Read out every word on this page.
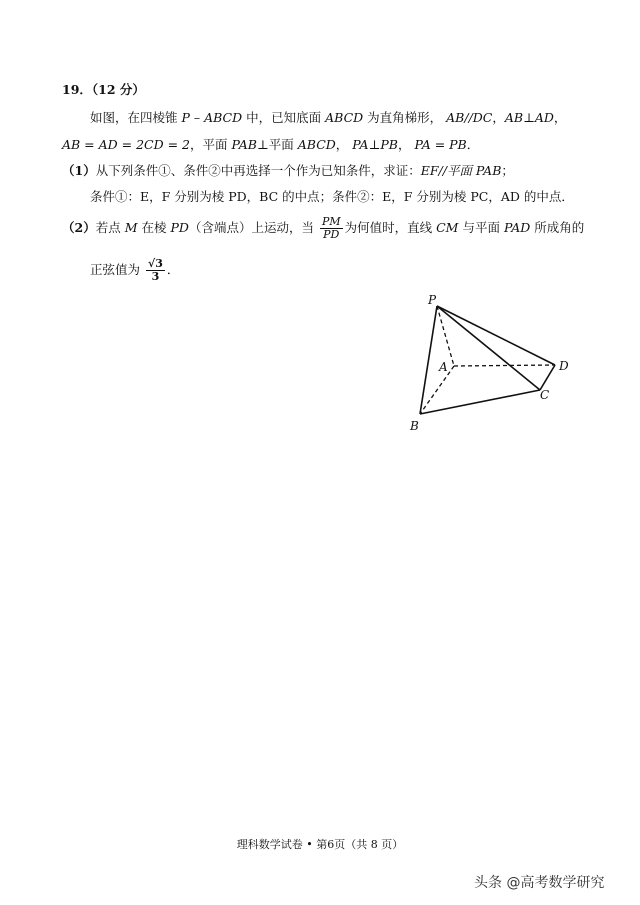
19．（12 分）
如图，在四棱锥 P – ABCD 中，已知底面 ABCD 为直角梯形， AB//DC，AB⊥AD，
AB = AD = 2CD = 2，平面 PAB⊥平面 ABCD， PA⊥PB， PA = PB．
（1）从下列条件①、条件②中再选择一个作为已知条件，求证：EF//平面 PAB；
条件①：E，F 分别为棱 PD，BC 的中点；条件②：E，F 分别为棱 PC，AD 的中点．
（2）若点 M 在棱 PD（含端点）上运动，当 $\frac{PM}{PD}$ 为何值时，直线 CM 与平面 PAD 所成角的
正弦值为 $\frac{√3}{3}$ ．
P
A
B
C
D
理科数学试卷 • 第6页（共 8 页）
头条 @高考数学研究
